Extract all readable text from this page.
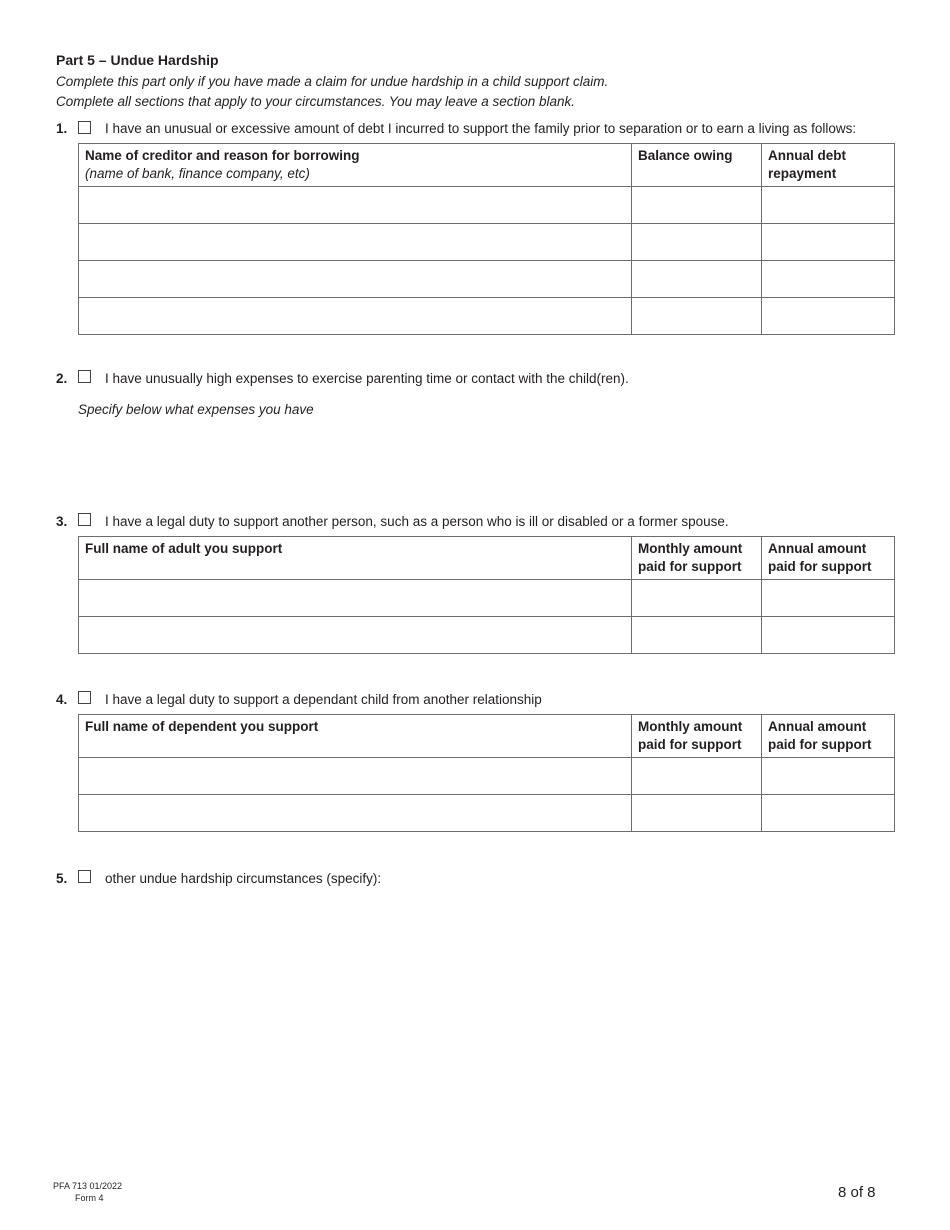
Part 5 – Undue Hardship
Complete this part only if you have made a claim for undue hardship in a child support claim.
Complete all sections that apply to your circumstances. You may leave a section blank.
1.	I have an unusual or excessive amount of debt I incurred to support the family prior to separation or to earn a living as follows:
Name of creditor and reason for borrowing
(name of bank, finance company, etc)	Balance owing	Annual debt repayment

2.	I have unusually high expenses to exercise parenting time or contact with the child(ren).
Specify below what expenses you have
3.	I have a legal duty to support another person, such as a person who is ill or disabled or a former spouse.
Full name of adult you support	Monthly amount paid for support	Annual amount paid for support

4.	I have a legal duty to support a dependant child from another relationship
Full name of dependent you support	Monthly amount paid for support	Annual amount paid for support

5.	other undue hardship circumstances (specify):
PFA 713 01/2022
Form 4	8 of 8
